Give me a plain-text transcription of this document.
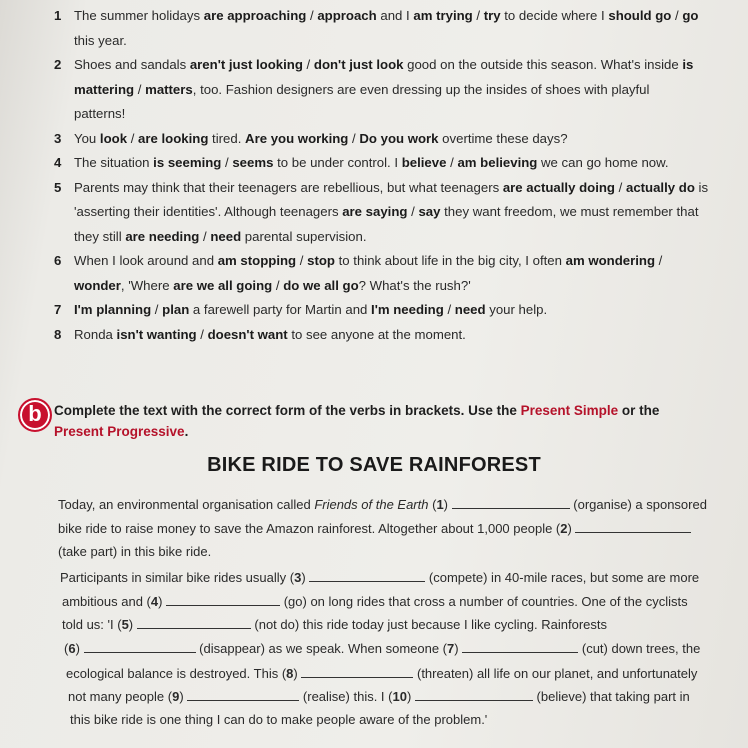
1 The summer holidays are approaching / approach and I am trying / try to decide where I should go / go
this year.
2 Shoes and sandals aren't just looking / don't just look good on the outside this season. What's inside is
mattering / matters, too. Fashion designers are even dressing up the insides of shoes with playful
patterns!
3 You look / are looking tired. Are you working / Do you work overtime these days?
4 The situation is seeming / seems to be under control. I believe / am believing we can go home now.
5 Parents may think that their teenagers are rebellious, but what teenagers are actually doing / actually do is
'asserting their identities'. Although teenagers are saying / say they want freedom, we must remember that
they still are needing / need parental supervision.
6 When I look around and am stopping / stop to think about life in the big city, I often am wondering /
wonder, 'Where are we all going / do we all go? What's the rush?'
7 I'm planning / plan a farewell party for Martin and I'm needing / need your help.
8 Ronda isn't wanting / doesn't want to see anyone at the moment.
b Complete the text with the correct form of the verbs in brackets. Use the Present Simple or the
Present Progressive.
BIKE RIDE TO SAVE RAINFOREST
Today, an environmental organisation called Friends of the Earth (1)	(organise) a sponsored
bike ride to raise money to save the Amazon rainforest. Altogether about 1,000 people (2)
(take part) in this bike ride.
Participants in similar bike rides usually (3)	(compete) in 40-mile races, but some are more
ambitious and (4)	(go) on long rides that cross a number of countries. One of the cyclists
told us: 'I (5)	(not do) this ride today just because I like cycling. Rainforests
(6)	(disappear) as we speak. When someone (7)	(cut) down trees, the
ecological balance is destroyed. This (8)	(threaten) all life on our planet, and unfortunately
not many people (9)	(realise) this. I (10)	(believe) that taking part in
this bike ride is one thing I can do to make people aware of the problem.'
